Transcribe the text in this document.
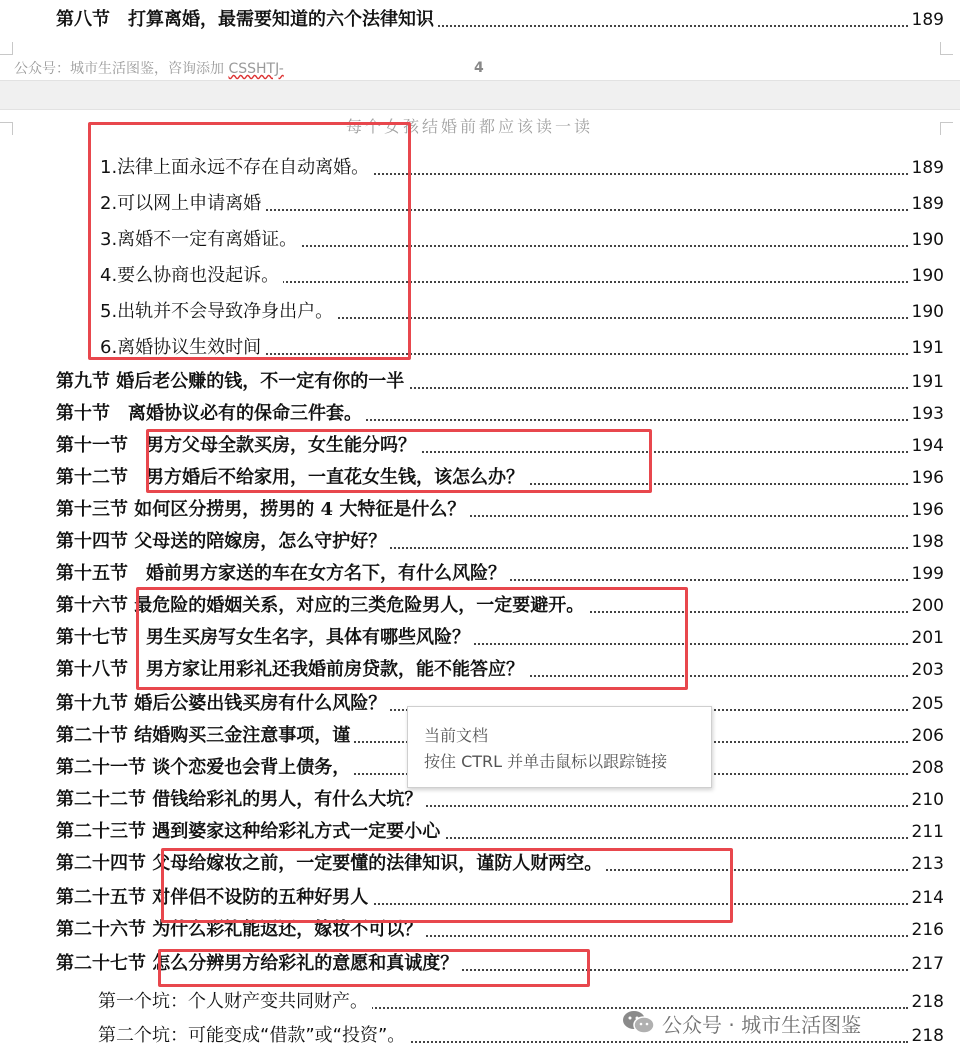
第八节　打算离婚，最需要知道的六个法律知识	189
1.法律上面永远不存在自动离婚。	189
2.可以网上申请离婚	189
3.离婚不一定有离婚证。	190
4.要么协商也没起诉。	190
5.出轨并不会导致净身出户。	190
6.离婚协议生效时间	191
第九节 婚后老公赚的钱，不一定有你的一半	191
第十节　离婚协议必有的保命三件套。	193
第十一节　男方父母全款买房，女生能分吗？	194
第十二节　男方婚后不给家用，一直花女生钱，该怎么办？	196
第十三节 如何区分捞男，捞男的 4 大特征是什么？	196
第十四节 父母送的陪嫁房，怎么守护好？	198
第十五节　婚前男方家送的车在女方名下，有什么风险？	199
第十六节 最危险的婚姻关系，对应的三类危险男人，一定要避开。	200
第十七节　男生买房写女生名字，具体有哪些风险？	201
第十八节　男方家让用彩礼还我婚前房贷款，能不能答应？	203
第十九节 婚后公婆出钱买房有什么风险？	205
第二十节 结婚购买三金注意事项，谨	206
第二十一节 谈个恋爱也会背上债务，	208
第二十二节 借钱给彩礼的男人，有什么大坑？	210
第二十三节 遇到婆家这种给彩礼方式一定要小心	211
第二十四节 父母给嫁妆之前，一定要懂的法律知识，谨防人财两空。	213
第二十五节 对伴侣不设防的五种好男人	214
第二十六节 为什么彩礼能返还，嫁妆不可以？	216
第二十七节 怎么分辨男方给彩礼的意愿和真诚度？	217
第一个坑：个人财产变共同财产。	218
第二个坑：可能变成“借款”或“投资”。	218
公众号：城市生活图鉴，咨询添加 CSSHTJ-	4
每个女孩结婚前都应该读一读
当前文档
按住 CTRL 并单击鼠标以跟踪链接
公众号 · 城市生活图鉴
